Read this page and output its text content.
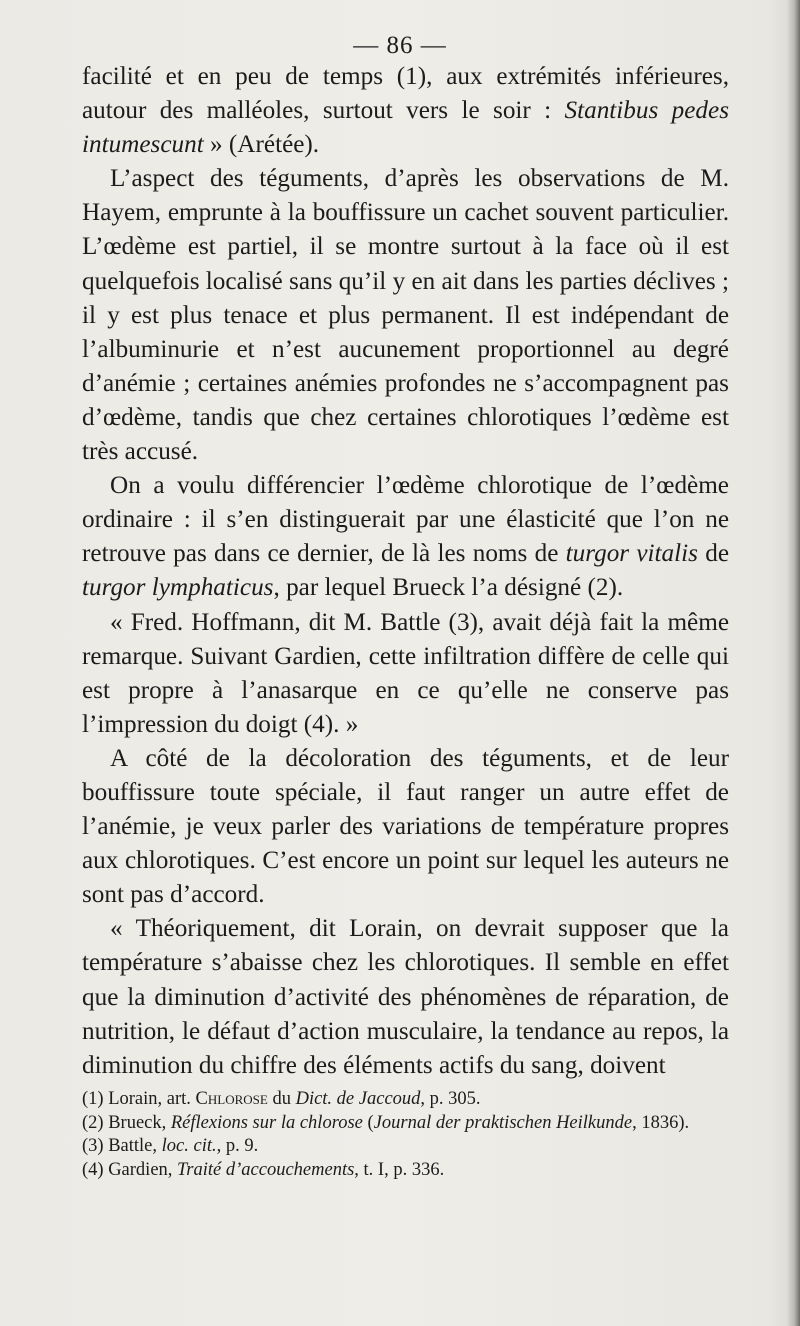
— 86 —

facilité et en peu de temps (1), aux extrémités inférieures, autour des malléoles, surtout vers le soir : Stantibus pedes intumescunt » (Arétée).

L’aspect des téguments, d’après les observations de M. Hayem, emprunte à la bouffissure un cachet souvent particulier. L’œdème est partiel, il se montre surtout à la face où il est quelquefois localisé sans qu’il y en ait dans les parties déclives ; il y est plus tenace et plus permanent. Il est indépendant de l’albuminurie et n’est aucunement proportionnel au degré d’anémie ; certaines anémies profondes ne s’accompagnent pas d’œdème, tandis que chez certaines chlorotiques l’œdème est très accusé.

On a voulu différencier l’œdème chlorotique de l’œdème ordinaire : il s’en distinguerait par une élasticité que l’on ne retrouve pas dans ce dernier, de là les noms de turgor vitalis de turgor lymphaticus, par lequel Brueck l’a désigné (2).

« Fred. Hoffmann, dit M. Battle (3), avait déjà fait la même remarque. Suivant Gardien, cette infiltration diffère de celle qui est propre à l’anasarque en ce qu’elle ne conserve pas l’impression du doigt (4). »

A côté de la décoloration des téguments, et de leur bouffissure toute spéciale, il faut ranger un autre effet de l’anémie, je veux parler des variations de température propres aux chlorotiques. C’est encore un point sur lequel les auteurs ne sont pas d’accord.

« Théoriquement, dit Lorain, on devrait supposer que la température s’abaisse chez les chlorotiques. Il semble en effet que la diminution d’activité des phénomènes de réparation, de nutrition, le défaut d’action musculaire, la tendance au repos, la diminution du chiffre des éléments actifs du sang, doivent

(1) Lorain, art. Chlorose du Dict. de Jaccoud, p. 305.

(2) Brueck, Réflexions sur la chlorose (Journal der praktischen Heilkunde, 1836).

(3) Battle, loc. cit., p. 9.

(4) Gardien, Traité d’accouchements, t. I, p. 336.
